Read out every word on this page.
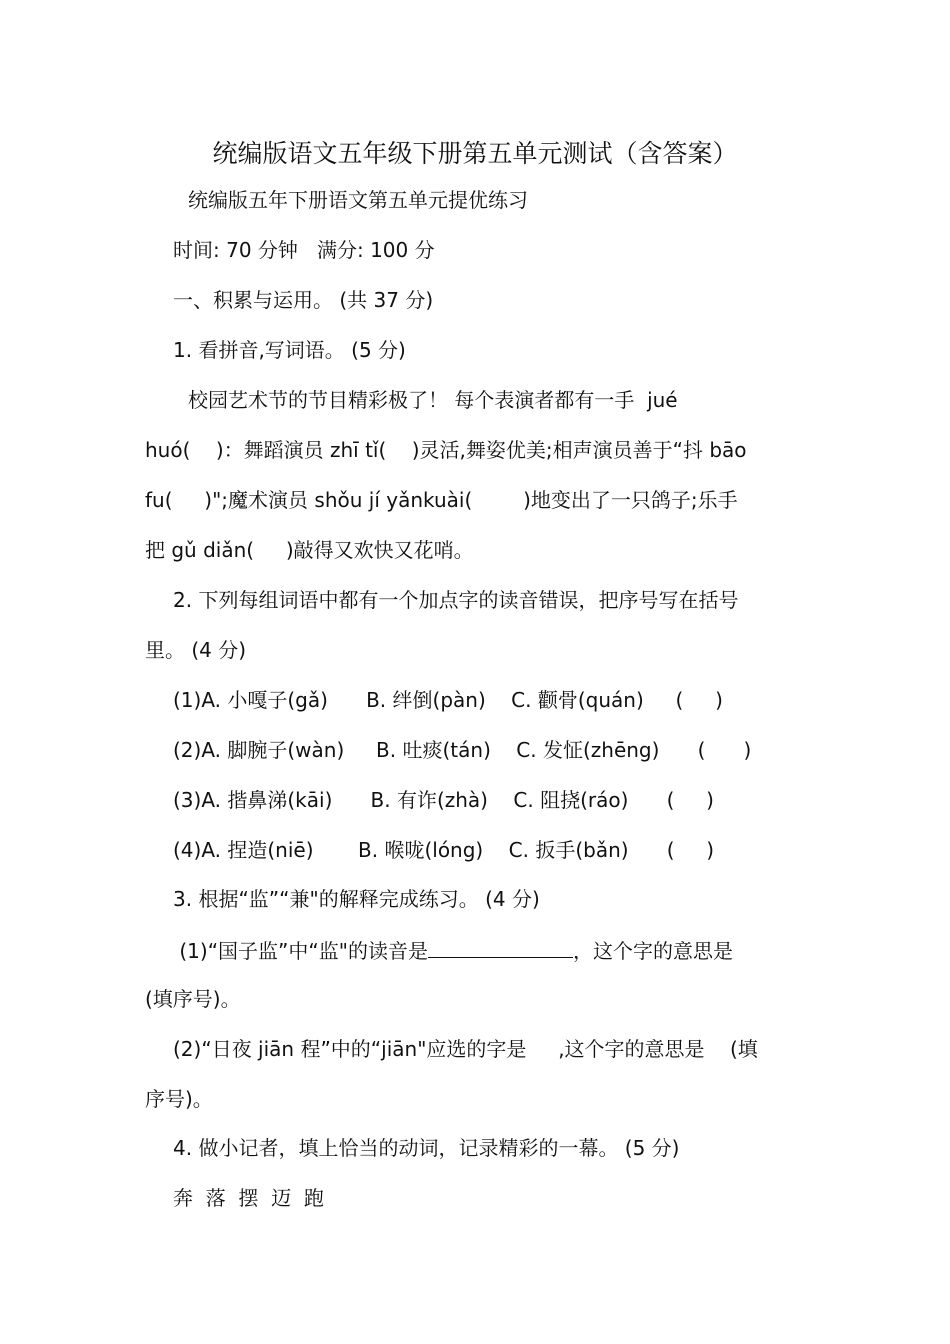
统编版语文五年级下册第五单元测试（含答案）
统编版五年下册语文第五单元提优练习
时间: 70 分钟   满分: 100 分
一、积累与运用。 (共 37 分)
1. 看拼音,写词语。 (5 分)
校园艺术节的节目精彩极了！ 每个表演者都有一手  jué
huó(    )：舞蹈演员 zhī tǐ(    )灵活,舞姿优美;相声演员善于“抖 bāo
fu(     )";魔术演员 shǒu jí yǎnkuài(        )地变出了一只鸽子;乐手
把 gǔ diǎn(     )敲得又欢快又花哨。
2. 下列每组词语中都有一个加点字的读音错误，把序号写在括号
里。 (4 分)
(1)A. 小嘎子(gǎ)      B. 绊倒(pàn)    C. 颧骨(quán)     (     )
(2)A. 脚腕子(wàn)     B. 吐痰(tán)    C. 发怔(zhēng)      (      )
(3)A. 揩鼻涕(kāi)      B. 有诈(zhà)    C. 阻挠(ráo)      (     )
(4)A. 捏造(niē)       B. 喉咙(lóng)    C. 扳手(bǎn)      (     )
3. 根据“监”“兼"的解释完成练习。 (4 分)
(1)“国子监”中“监"的读音是	，这个字的意思是
(填序号)。
(2)“日夜 jiān 程”中的“jiān"应选的字是     ,这个字的意思是    (填
序号)。
4. 做小记者，填上恰当的动词，记录精彩的一幕。 (5 分)
奔  落  摆  迈  跑
